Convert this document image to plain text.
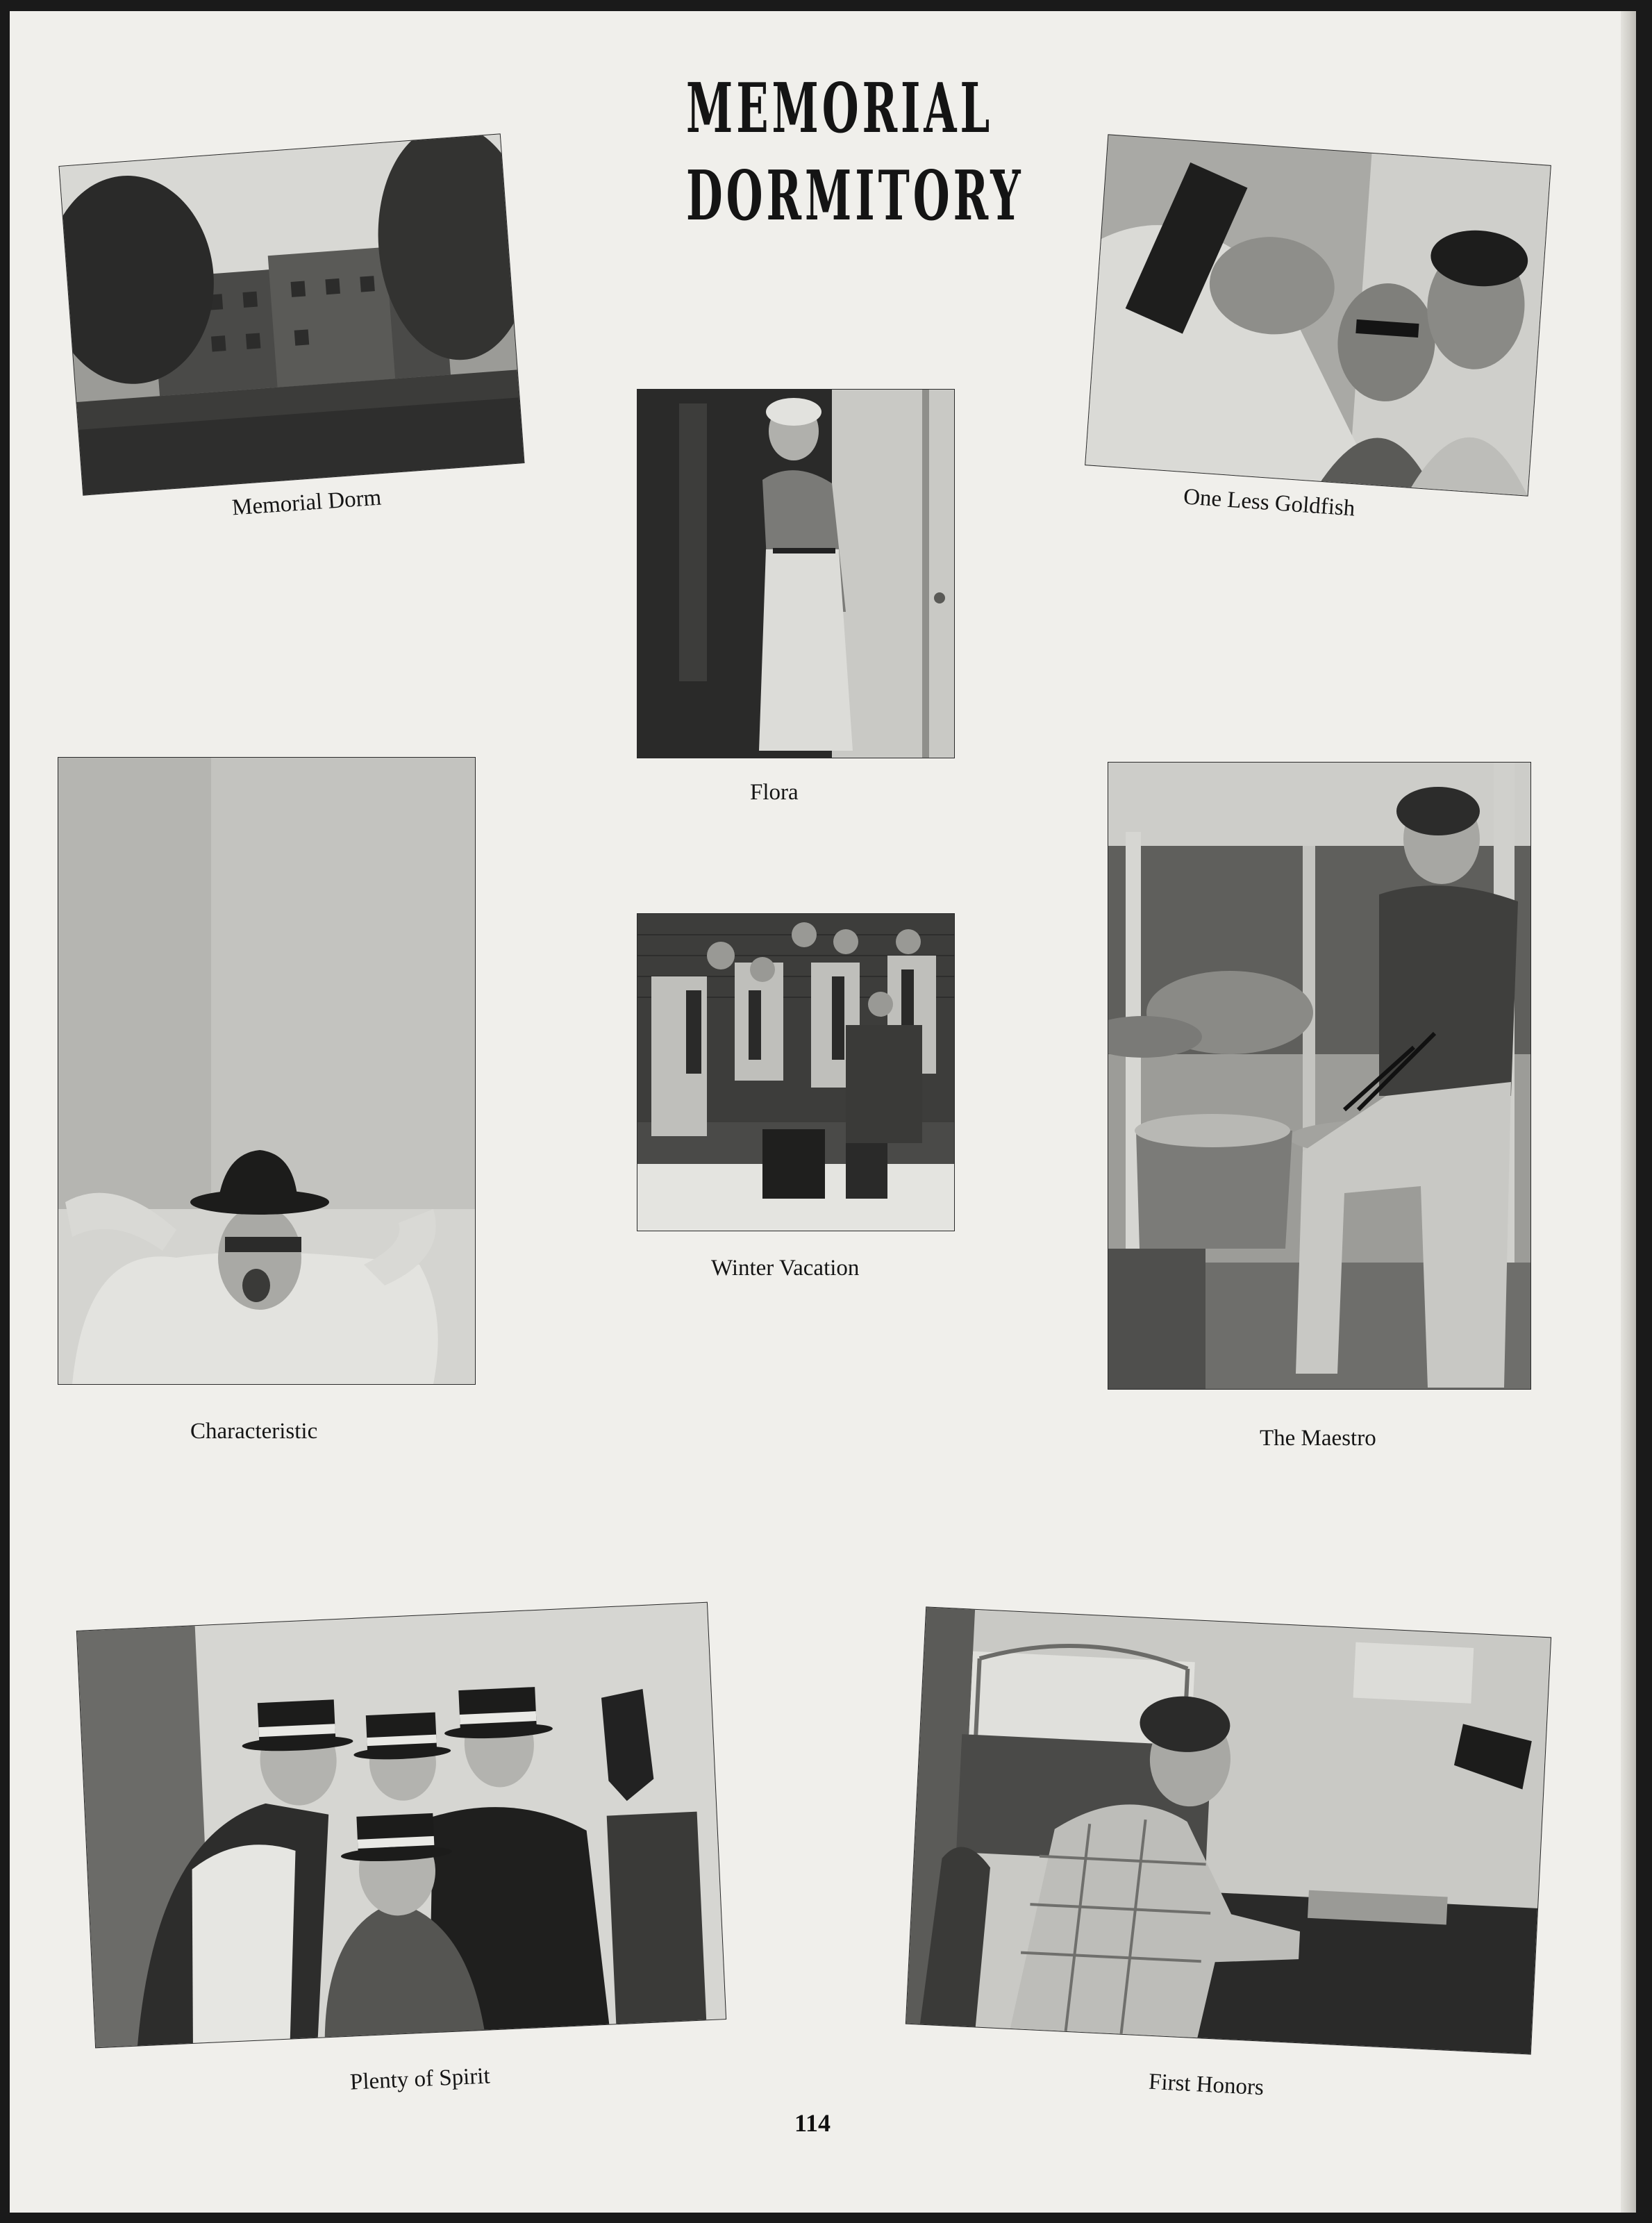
MEMORIAL
DORMITORY
Memorial Dorm	One Less Goldfish
Flora
Characteristic
Winter Vacation
The Maestro
Plenty of Spirit	First Honors
114
